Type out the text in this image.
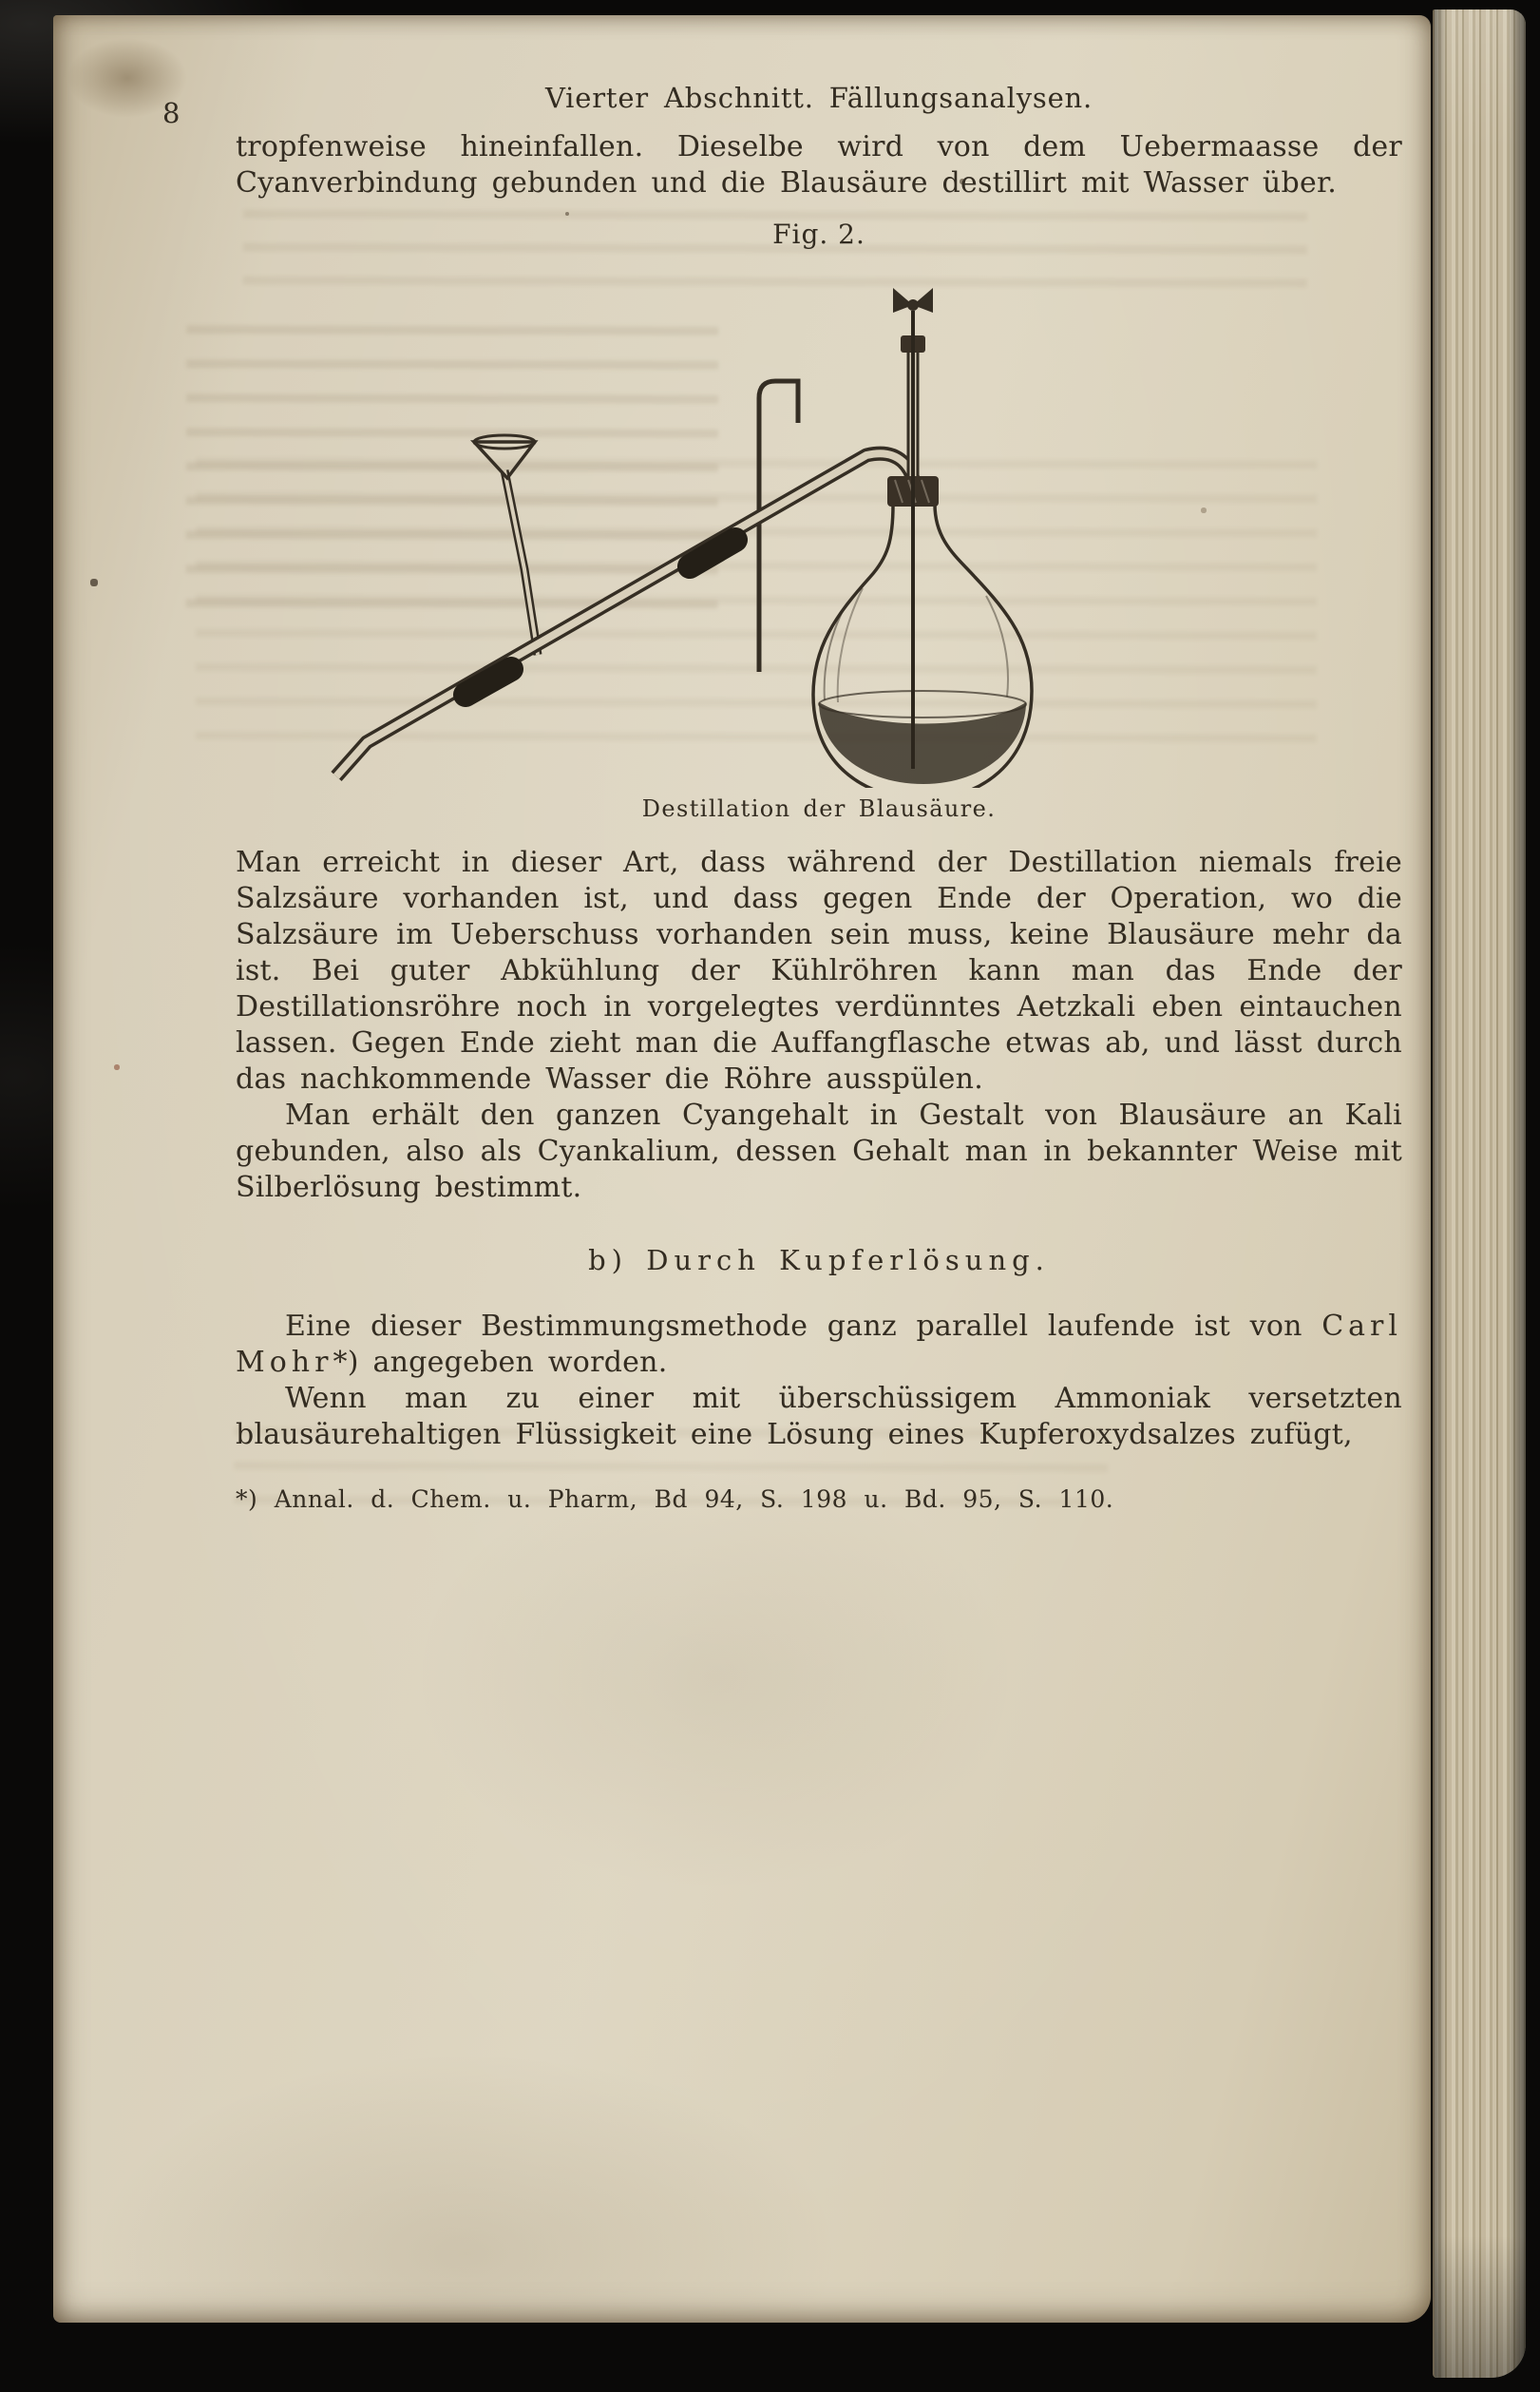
8	Vierter Abschnitt. Fällungsanalysen.

tropfenweise hineinfallen. Dieselbe wird von dem Uebermaasse der Cyanverbindung gebunden und die Blausäure destillirt mit Wasser über.

Fig. 2.
Destillation der Blausäure.

Man erreicht in dieser Art, dass während der Destillation niemals freie Salzsäure vorhanden ist, und dass gegen Ende der Operation, wo die Salzsäure im Ueberschuss vorhanden sein muss, keine Blausäure mehr da ist. Bei guter Abkühlung der Kühlröhren kann man das Ende der Destillationsröhre noch in vorgelegtes verdünntes Aetzkali eben eintauchen lassen. Gegen Ende zieht man die Auffangflasche etwas ab, und lässt durch das nachkommende Wasser die Röhre ausspülen.

Man erhält den ganzen Cyangehalt in Gestalt von Blausäure an Kali gebunden, also als Cyankalium, dessen Gehalt man in bekannter Weise mit Silberlösung bestimmt.

b) Durch Kupferlösung.

Eine dieser Bestimmungsmethode ganz parallel laufende ist von Carl Mohr*) angegeben worden.

Wenn man zu einer mit überschüssigem Ammoniak versetzten blausäurehaltigen Flüssigkeit eine Lösung eines Kupferoxydsalzes zufügt,

*) Annal. d. Chem. u. Pharm, Bd 94, S. 198 u. Bd. 95, S. 110.
